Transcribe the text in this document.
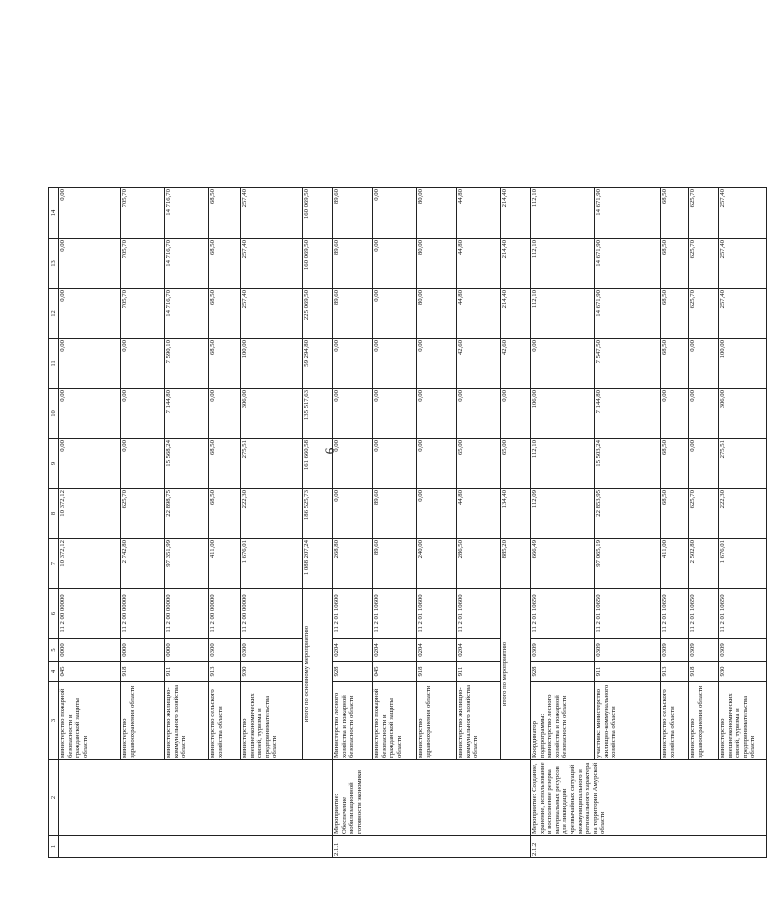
6
1	2	3	4	5	6	7	8	9	10	11	12	13	14
		министерство пожарной безопасности и гражданской защиты области	045	0000	11 2 00 00000	10 372,12	10 372,12	0,00	0,00	0,00	0,00	0,00	0,00
		министерство здравоохранения области	918	0000	11 2 00 00000	2 742,80	625,70	0,00	0,00	0,00	705,70	705,70	705,70
		министерство жилищно-коммунального хозяйства области	911	0000	11 2 00 00000	97 351,99	22 898,75	15 568,24	7 144,80	7 590,10	14 716,70	14 716,70	14 716,70
		министерство сельского хозяйства области	913	0300	11 2 00 00000	411,00	68,50	68,50	0,00	68,50	68,50	68,50	68,50
		министерство внешнеэкономических связей, туризма и предпринимательства области	930	0300	11 2 00 00000	1 676,01	222,30	275,51	306,00	100,00	257,40	257,40	257,40
		итого по основному мероприятию				1 088 207,24	186 525,73	161 660,58	135 517,63	59 294,80	225 069,50	160 069,50	160 069,50
2.1.1	Мероприятие: Обеспечение мобилизационной готовности экономики	Министерство лесного хозяйства и пожарной безопасности области	928	0204	11 2 01 10600	268,80	0,00	0,00	0,00	0,00	89,60	89,60	89,60
		министерство пожарной безопасности и гражданской защиты области	045	0204	11 2 01 10600	89,60	89,60	0,00	0,00	0,00	0,00	0,00	0,00
		министерство здравоохранения области	918	0204	11 2 01 10600	240,00	0,00	0,00	0,00	0,00	80,00	80,00	80,00
		министерство жилищно-коммунального хозяйства области	911	0204	11 2 01 10600	286,50	44,80	65,00	0,00	42,60	44,80	44,80	44,80
		итого по мероприятию				885,20	134,40	65,00	0,00	42,60	214,40	214,40	214,40
2.1.2	Мероприятие: Создание, хранение, использование и восполнение резерва материальных ресурсов для ликвидации чрезвычайных ситуаций межмуниципального и регионального характера на территории Амурской области	Координатор подпрограммы: министерство лесного хозяйства и пожарной безопасности области	928	0309	11 2 01 10650	666,49	112,09	112,10	106,00	0,00	112,10	112,10	112,10
		участник: министерство жилищно-коммунального хозяйства области	911	0309	11 2 01 10650	97 065,19	22 853,95	15 503,24	7 144,80	7 547,50	14 671,90	14 671,90	14 671,90
		министерство сельского хозяйства области	913	0309	11 2 01 10650	411,00	68,50	68,50	0,00	68,50	68,50	68,50	68,50
		министерство здравоохранения области	918	0309	11 2 01 10650	2 502,80	625,70	0,00	0,00	0,00	625,70	625,70	625,70
		министерство внешнеэкономических связей, туризма и предпринимательства области	930	0309	11 2 01 10650	1 676,01	222,30	275,51	306,00	100,00	257,40	257,40	257,40
